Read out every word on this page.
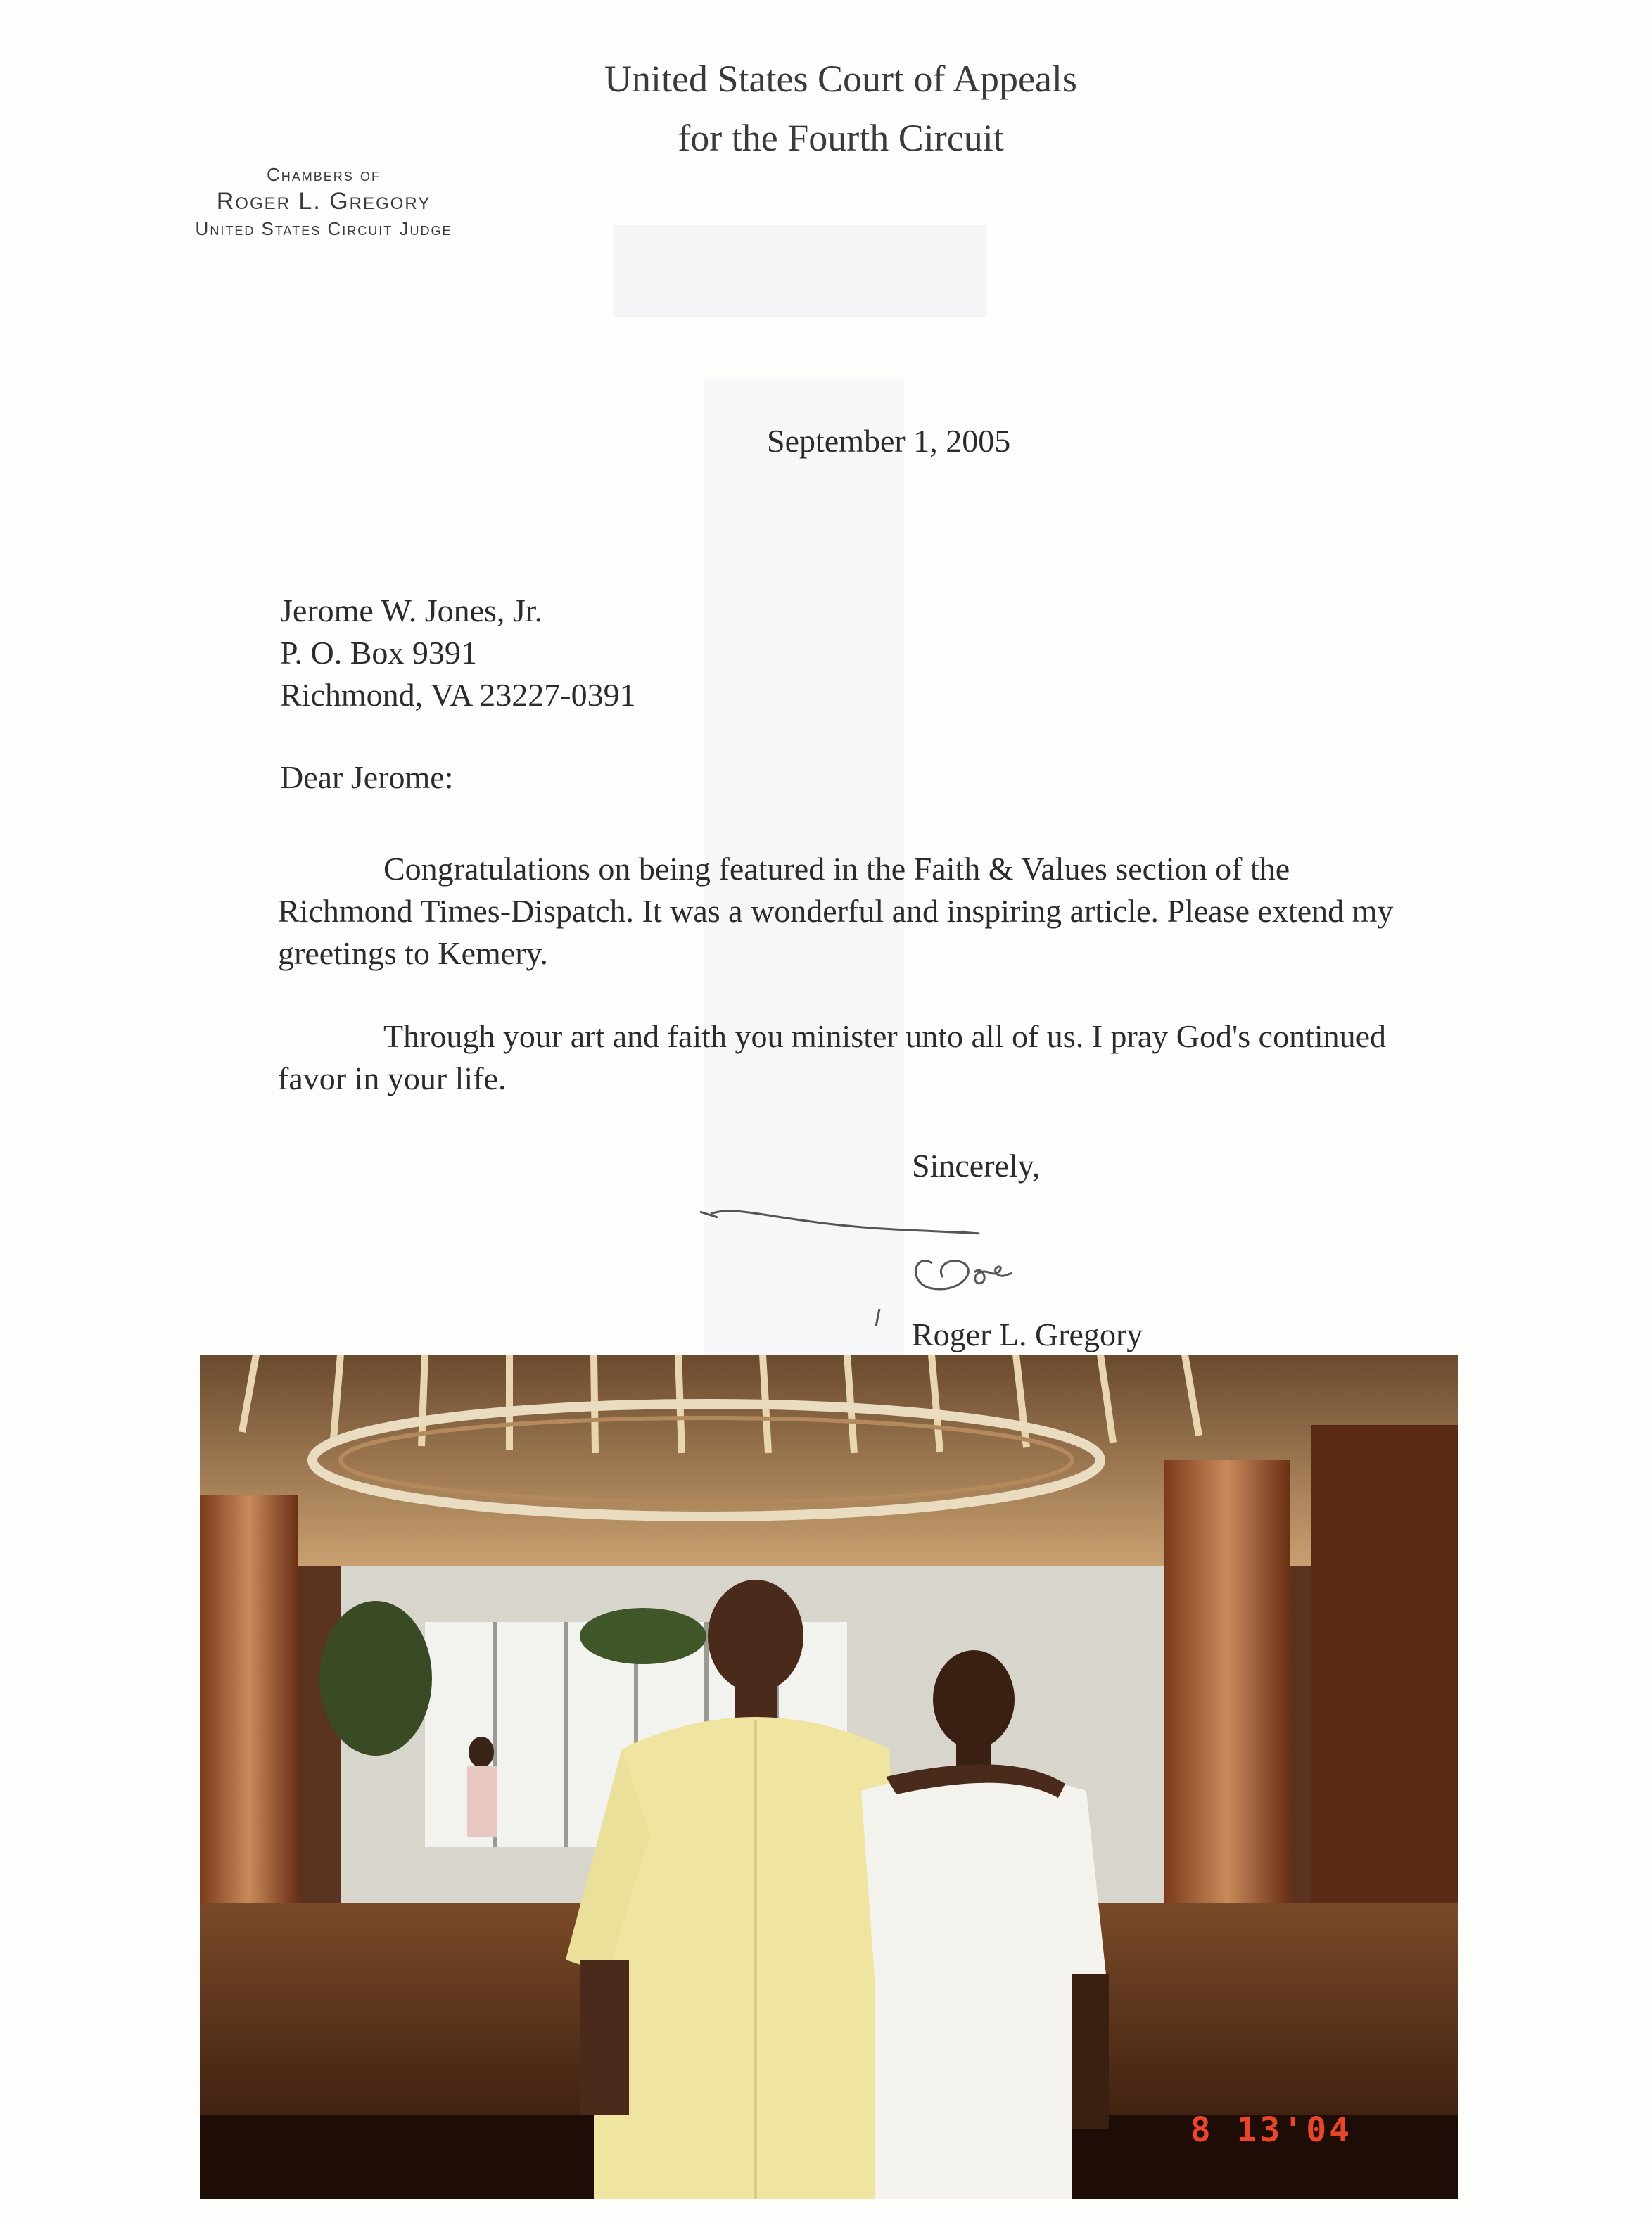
United States Court of Appeals
for the Fourth Circuit
Chambers of
Roger L. Gregory
United States Circuit Judge
September 1, 2005
Jerome W. Jones, Jr.
P. O. Box 9391
Richmond, VA 23227-0391
Dear Jerome:
Congratulations on being featured in the Faith & Values section of the Richmond Times-Dispatch. It was a wonderful and inspiring article. Please extend my greetings to Kemery.
Through your art and faith you minister unto all of us. I pray God's continued favor in your life.
Sincerely,
Roger L. Gregory
8 13'04
